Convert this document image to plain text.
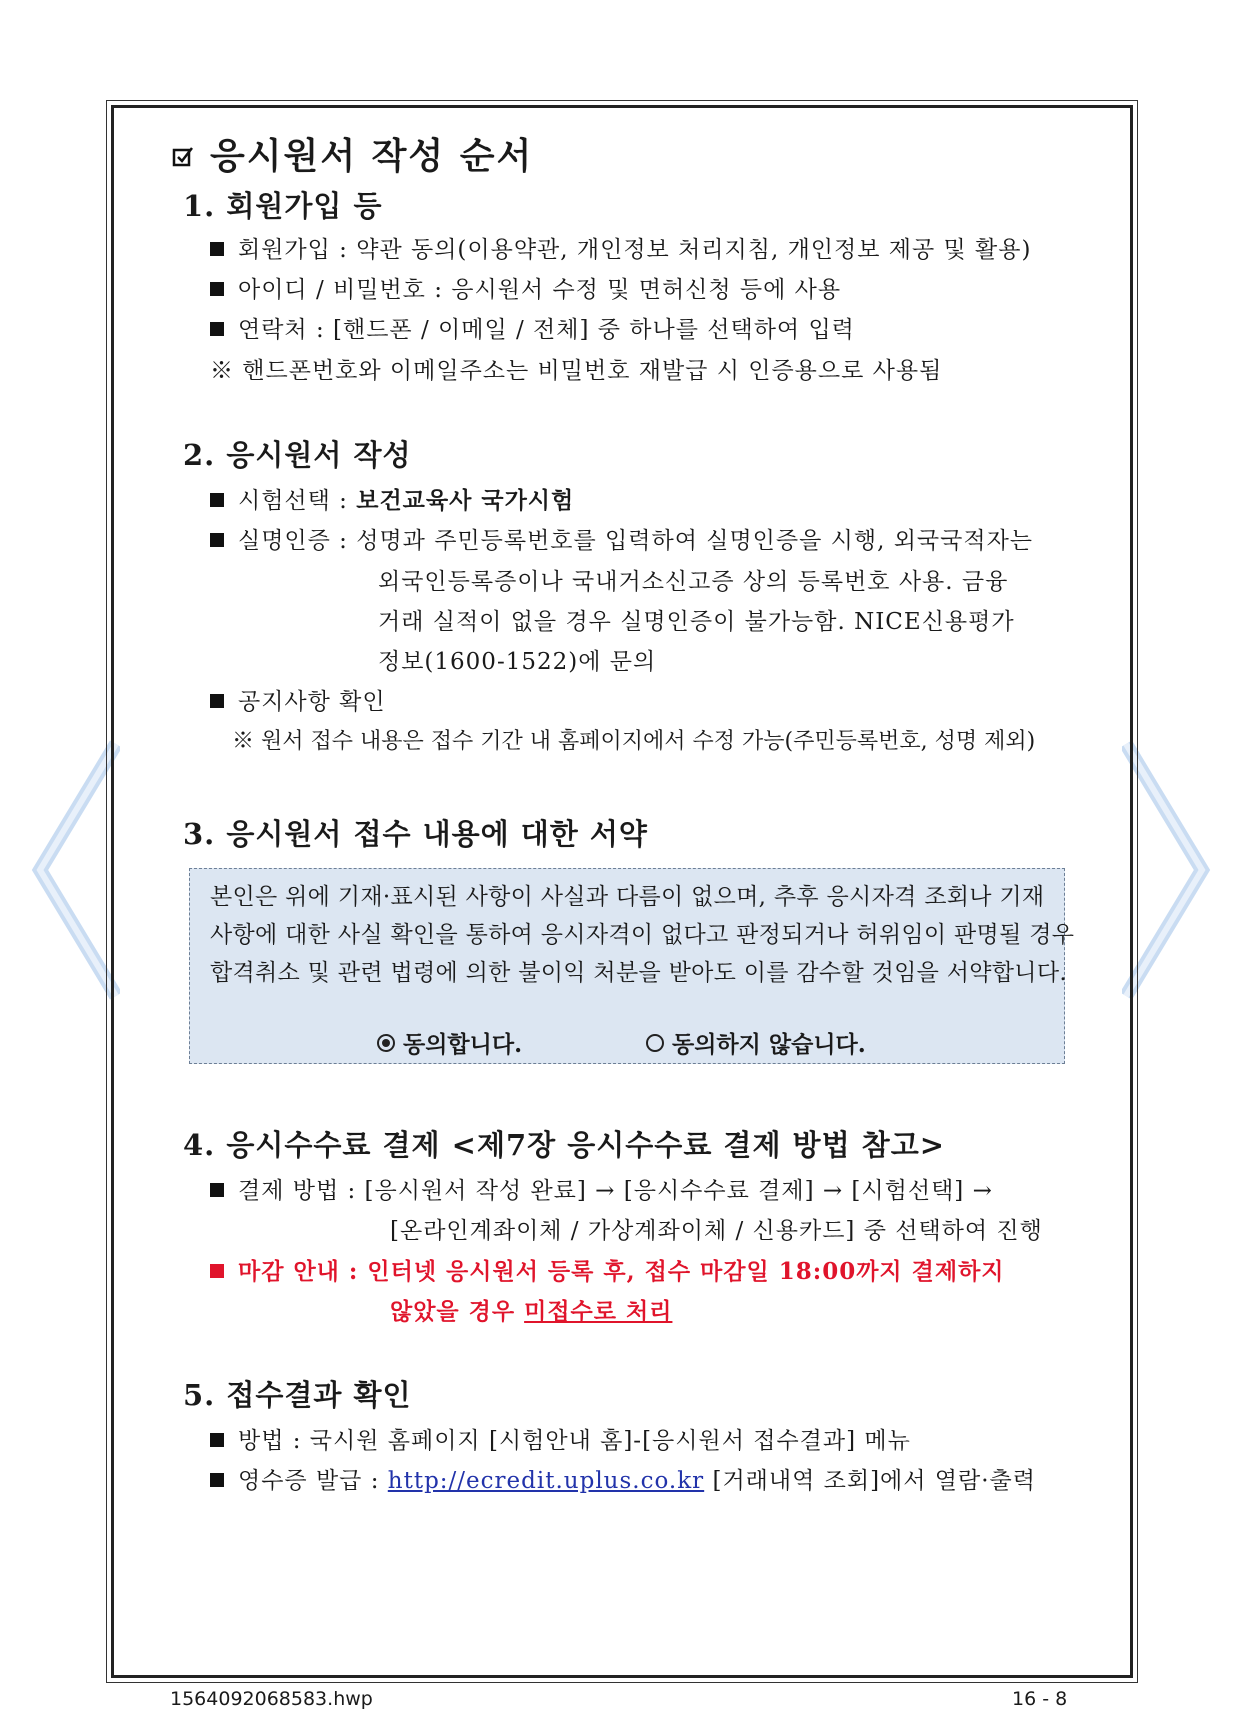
응시원서 작성 순서
1. 회원가입 등
회원가입 : 약관 동의(이용약관, 개인정보 처리지침, 개인정보 제공 및 활용)
아이디 / 비밀번호 : 응시원서 수정 및 면허신청 등에 사용
연락처 : [핸드폰 / 이메일 / 전체] 중 하나를 선택하여 입력
※ 핸드폰번호와 이메일주소는 비밀번호 재발급 시 인증용으로 사용됨
2. 응시원서 작성
시험선택 : 보건교육사 국가시험
실명인증 : 성명과 주민등록번호를 입력하여 실명인증을 시행, 외국국적자는
외국인등록증이나 국내거소신고증 상의 등록번호 사용. 금융
거래 실적이 없을 경우 실명인증이 불가능함. NICE신용평가
정보(1600-1522)에 문의
공지사항 확인
※ 원서 접수 내용은 접수 기간 내 홈페이지에서 수정 가능(주민등록번호, 성명 제외)
3. 응시원서 접수 내용에 대한 서약
본인은 위에 기재·표시된 사항이 사실과 다름이 없으며, 추후 응시자격 조회나 기재
사항에 대한 사실 확인을 통하여 응시자격이 없다고 판정되거나 허위임이 판명될 경우
합격취소 및 관련 법령에 의한 불이익 처분을 받아도 이를 감수할 것임을 서약합니다.
동의합니다.	동의하지 않습니다.
4. 응시수수료 결제 <제7장 응시수수료 결제 방법 참고>
결제 방법 : [응시원서 작성 완료] → [응시수수료 결제] → [시험선택] →
[온라인계좌이체 / 가상계좌이체 / 신용카드] 중 선택하여 진행
마감 안내 : 인터넷 응시원서 등록 후, 접수 마감일 18:00까지 결제하지
않았을 경우 미접수로 처리
5. 접수결과 확인
방법 : 국시원 홈페이지 [시험안내 홈]-[응시원서 접수결과] 메뉴
영수증 발급 : http://ecredit.uplus.co.kr [거래내역 조회]에서 열람·출력
1564092068583.hwp	16 - 8
